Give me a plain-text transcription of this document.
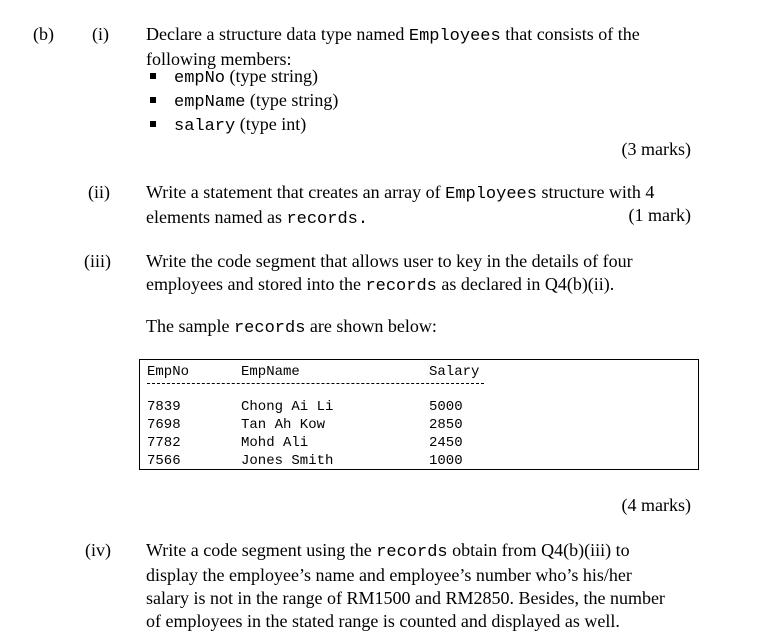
(b) (i) Declare a structure data type named Employees that consists of the
following members:
empNo (type string)
empName (type string)
salary (type int)
(3 marks)
(ii) Write a statement that creates an array of Employees structure with 4
elements named as records.	(1 mark)
(iii) Write the code segment that allows user to key in the details of four
employees and stored into the records as declared in Q4(b)(ii).
The sample records are shown below:
EmpNo	EmpName	Salary
7839	Chong Ai Li	5000
7698	Tan Ah Kow	2850
7782	Mohd Ali	2450
7566	Jones Smith	1000
(4 marks)
(iv) Write a code segment using the records obtain from Q4(b)(iii) to
display the employee’s name and employee’s number who’s his/her
salary is not in the range of RM1500 and RM2850. Besides, the number
of employees in the stated range is counted and displayed as well.
